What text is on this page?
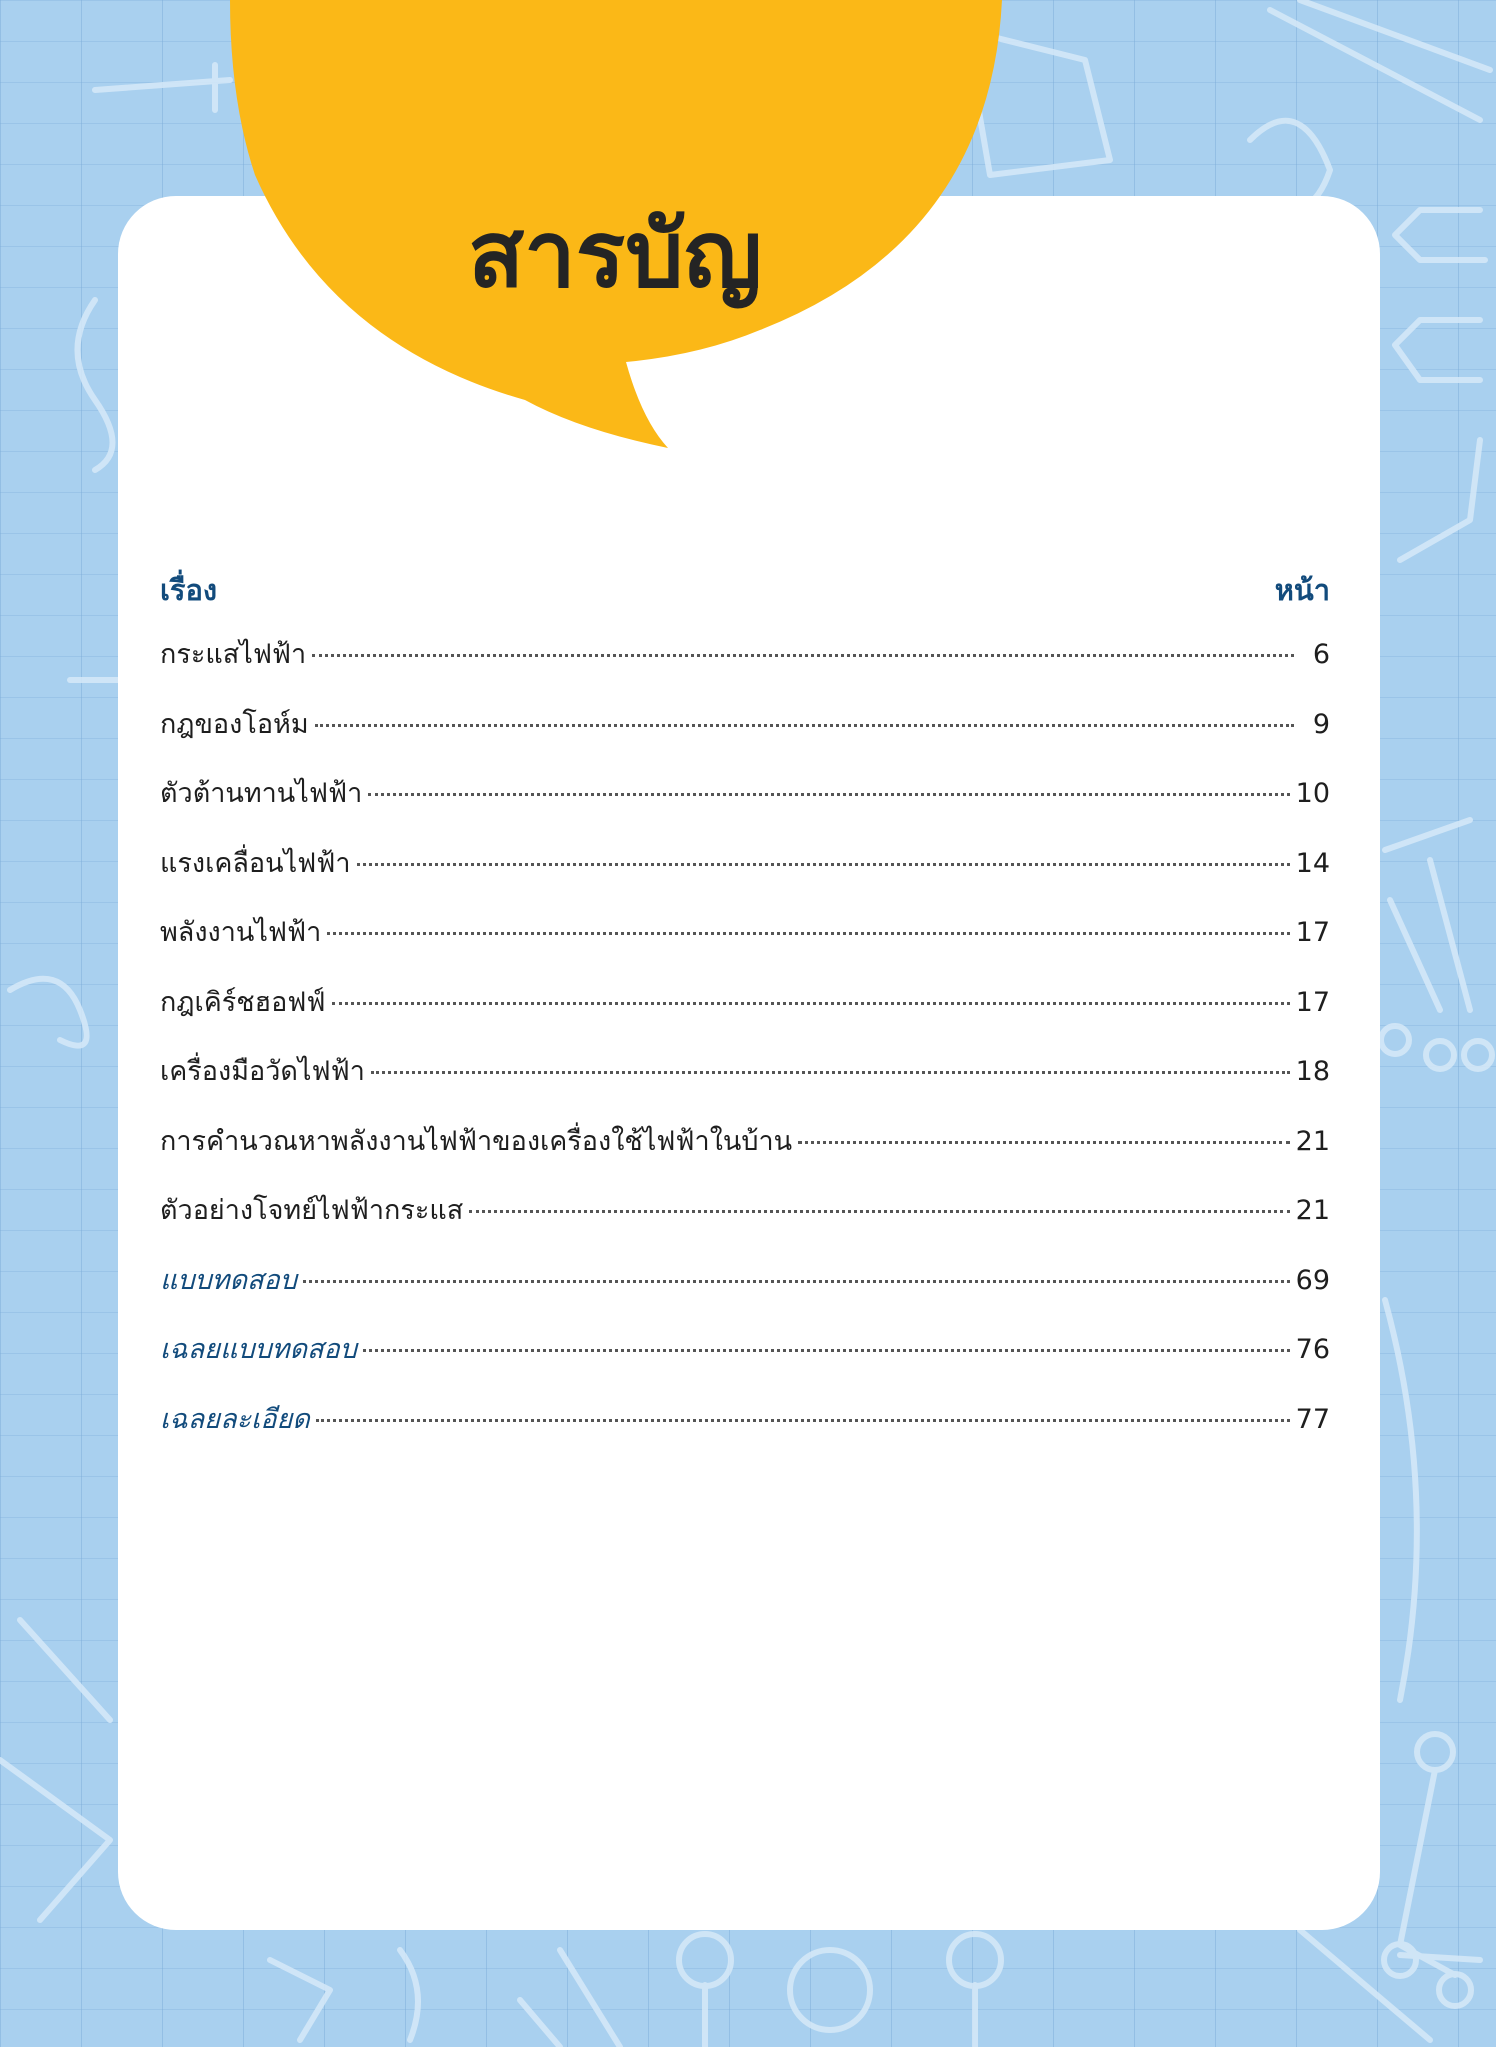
สารบัญ
เรื่อง	หน้า
กระแสไฟฟ้า	6
กฎของโอห์ม	9
ตัวต้านทานไฟฟ้า	10
แรงเคลื่อนไฟฟ้า	14
พลังงานไฟฟ้า	17
กฎเคิร์ชฮอฟฟ์	17
เครื่องมือวัดไฟฟ้า	18
การคำนวณหาพลังงานไฟฟ้าของเครื่องใช้ไฟฟ้าในบ้าน	21
ตัวอย่างโจทย์ไฟฟ้ากระแส	21
แบบทดสอบ	69
เฉลยแบบทดสอบ	76
เฉลยละเอียด	77
